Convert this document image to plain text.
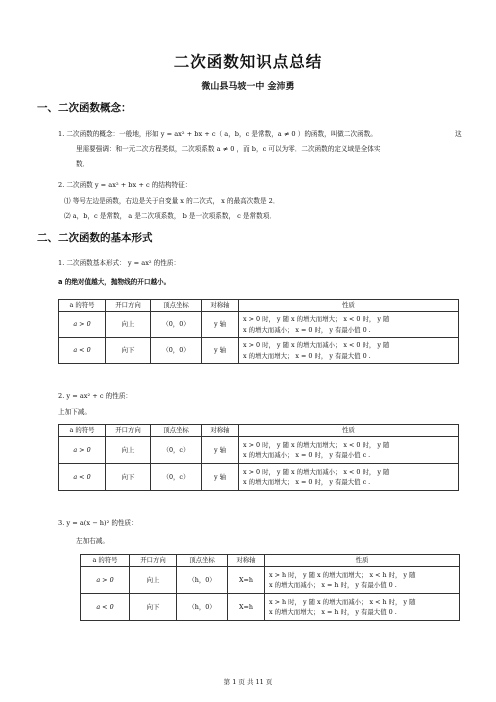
二次函数知识点总结
微山县马坡一中 金沛勇
一、二次函数概念：
1. 二次函数的概念：一般地，形如 y = ax² + bx + c（ a，b，c 是常数，a ≠ 0 ）的函数，叫做二次函数。	这
里需要强调：和一元二次方程类似，二次项系数 a ≠ 0 ，而 b，c 可以为零．二次函数的定义域是全体实
数．
2. 二次函数 y = ax² + bx + c 的结构特征：
⑴ 等号左边是函数，右边是关于自变量 x 的二次式， x 的最高次数是 2．
⑵ a，b，c 是常数， a 是二次项系数， b 是一次项系数， c 是常数项．
二、二次函数的基本形式
1. 二次函数基本形式： y = ax² 的性质：
a 的绝对值越大，抛物线的开口越小。
a 的符号	开口方向	顶点坐标	对称轴	性质
a > 0	向上	（0，0）	y 轴	x > 0 时， y 随 x 的增大而增大； x < 0 时， y 随
x 的增大而减小； x = 0 时， y 有最小值 0 .

a < 0	向下	（0，0）	y 轴	x > 0 时， y 随 x 的增大而减小； x < 0 时， y 随
x 的增大而增大； x = 0 时， y 有最大值 0 .
2. y = ax² + c 的性质：
上加下减。
a 的符号	开口方向	顶点坐标	对称轴	性质
a > 0	向上	（0，c）	y 轴	x > 0 时， y 随 x 的增大而增大； x < 0 时， y 随
x 的增大而减小； x = 0 时， y 有最小值 c .

a < 0	向下	（0，c）	y 轴	x > 0 时， y 随 x 的增大而减小； x < 0 时， y 随
x 的增大而增大； x = 0 时， y 有最大值 c .
3. y = a(x − h)² 的性质：
左加右减。
a 的符号	开口方向	顶点坐标	对称轴	性质
a > 0	向上	（h，0）	X=h	x > h 时， y 随 x 的增大而增大； x < h 时， y 随
x 的增大而减小； x = h 时， y 有最小值 0 .

a < 0	向下	（h，0）	X=h	x > h 时， y 随 x 的增大而减小； x < h 时， y 随
x 的增大而增大； x = h 时， y 有最大值 0 .
第 1 页 共 11 页
